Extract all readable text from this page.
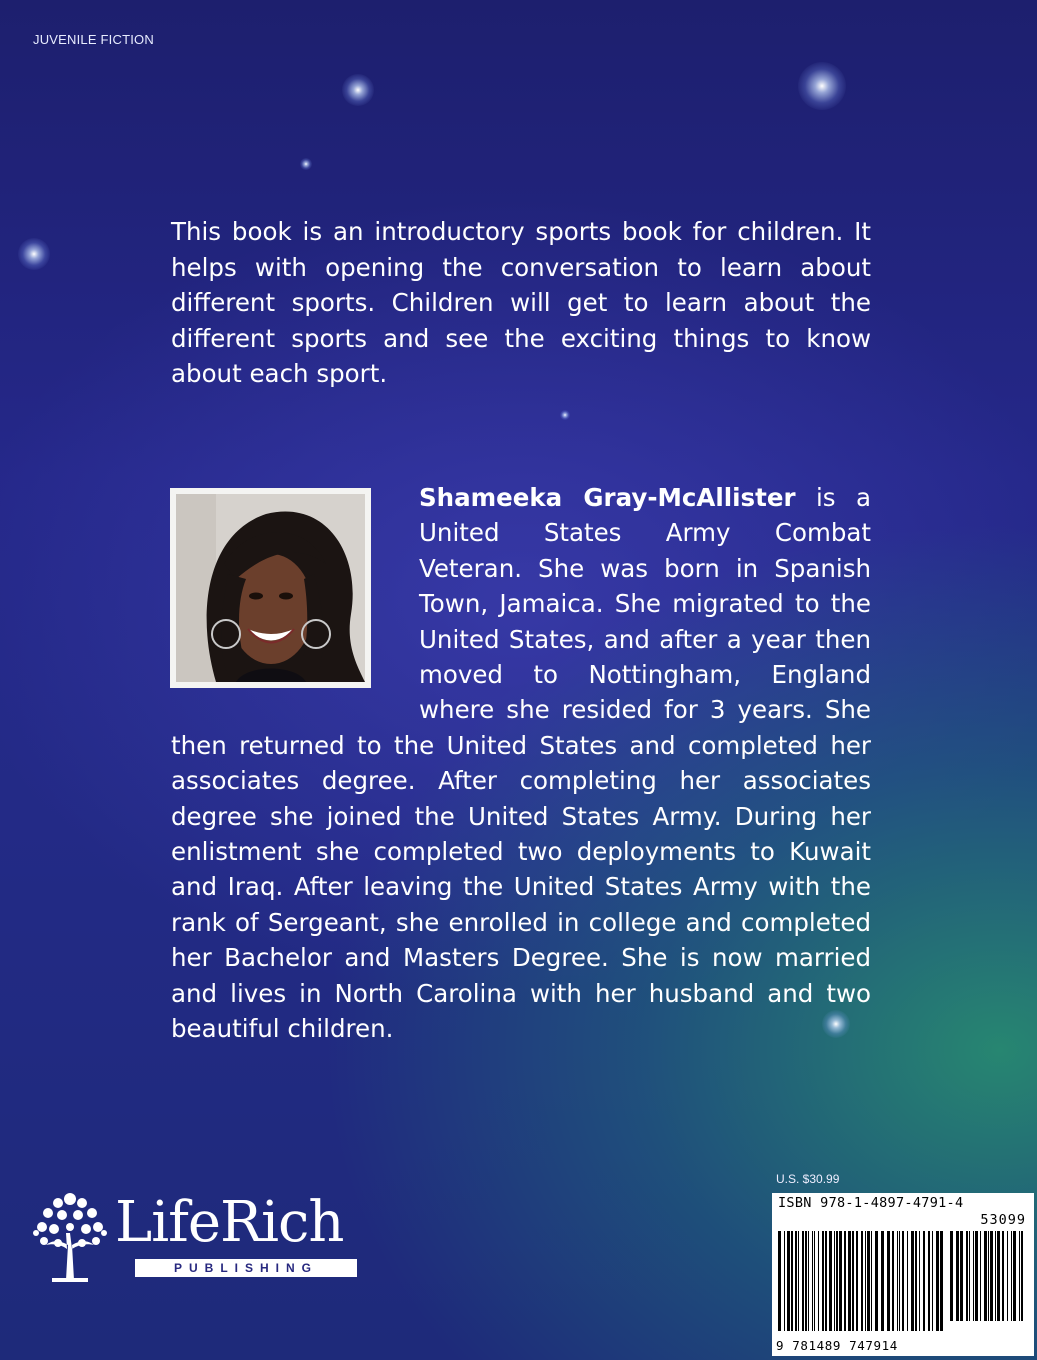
JUVENILE FICTION
This book is an introductory sports book for children. It helps with opening the conversation to learn about different sports. Children will get to learn about the different sports and see the exciting things to know about each sport.
Shameeka Gray-McAllister is a United States Army Combat Veteran. She was born in Spanish Town, Jamaica. She migrated to the United States, and after a year then moved to Nottingham, England where she resided for 3 years. She then returned to the United States and completed her associates degree. After completing her associates degree she joined the United States Army. During her enlistment she completed two deployments to Kuwait and Iraq. After leaving the United States Army with the rank of Sergeant, she enrolled in college and completed her Bachelor and Masters Degree. She is now married and lives in North Carolina with her husband and two beautiful children.
LifeRich
PUBLISHING
U.S. $30.99
ISBN 978-1-4897-4791-4
53099
9 781489 747914
